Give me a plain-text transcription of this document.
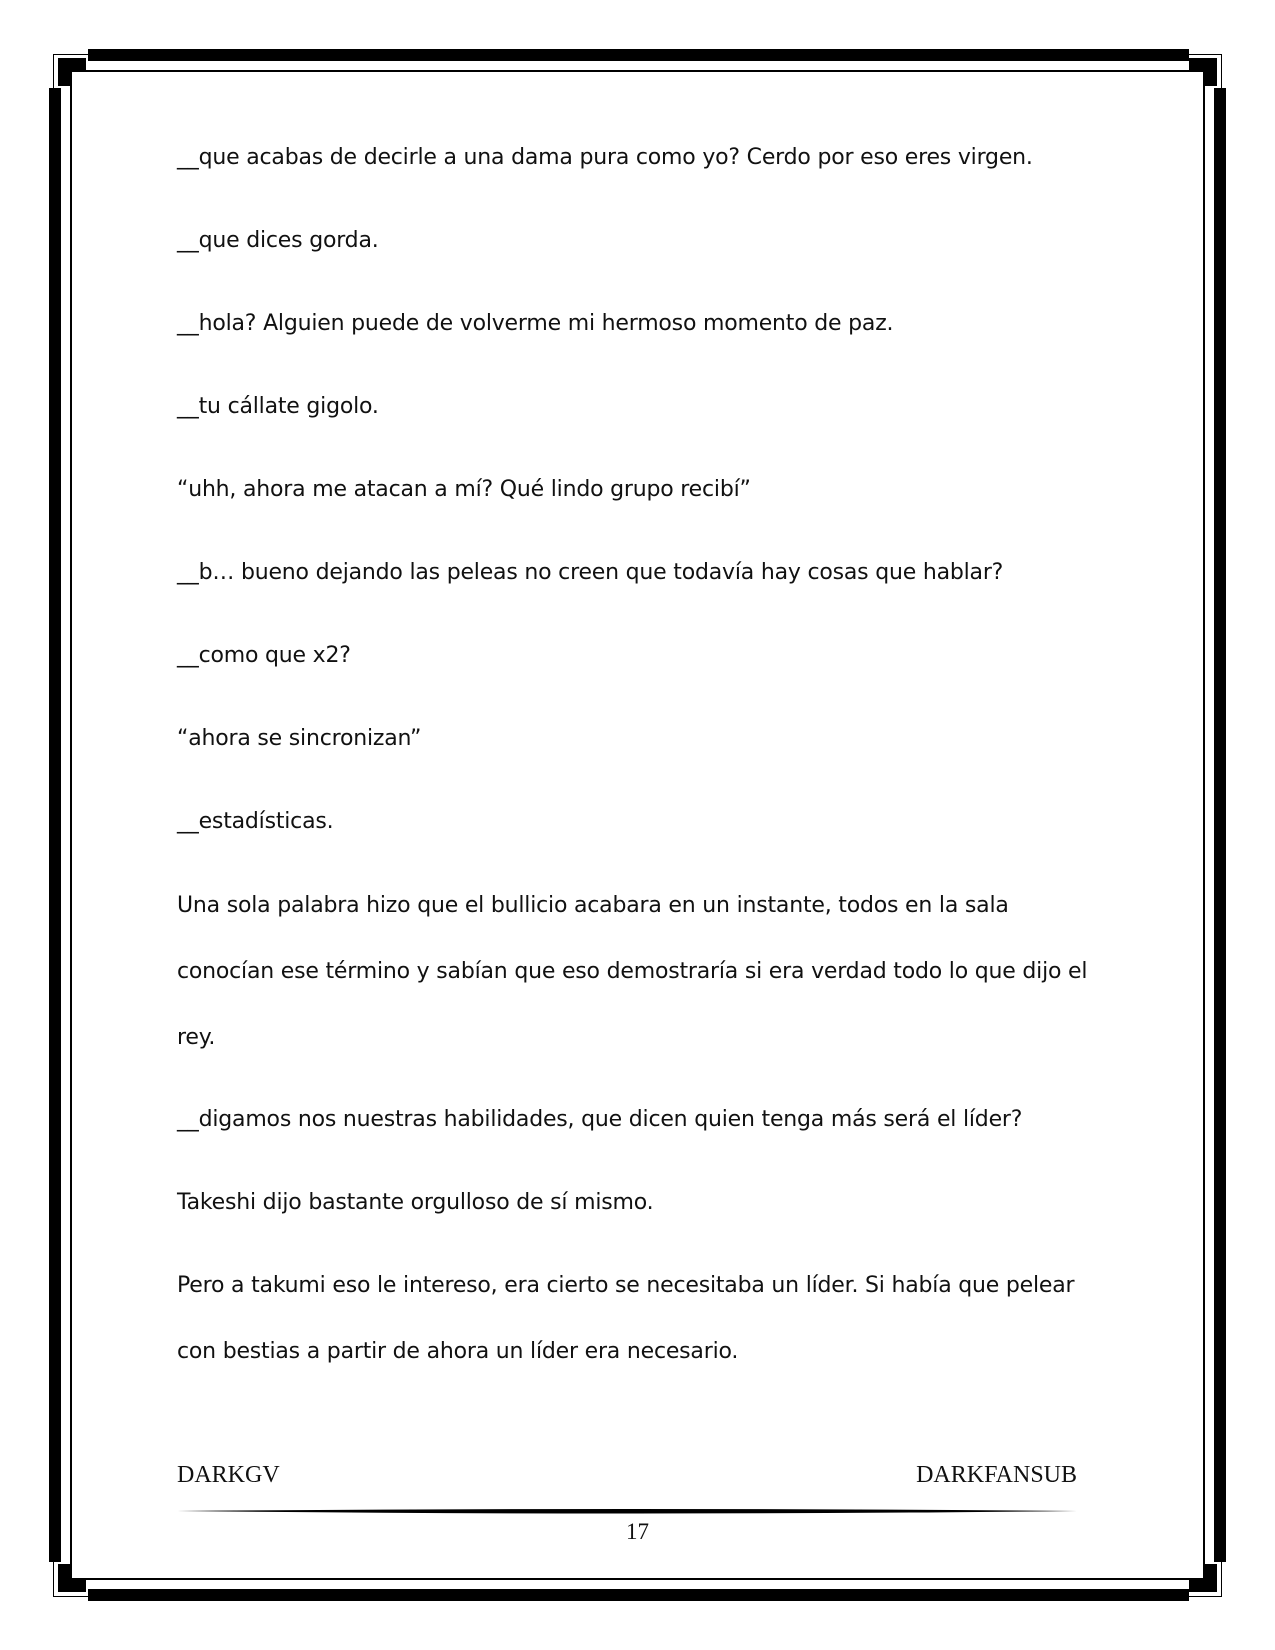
__que acabas de decirle a una dama pura como yo? Cerdo por eso eres virgen.

__que dices gorda.

__hola? Alguien puede de volverme mi hermoso momento de paz.

__tu cállate gigolo.

“uhh, ahora me atacan a mí? Qué lindo grupo recibí”

__b… bueno dejando las peleas no creen que todavía hay cosas que hablar?

__como que x2?

“ahora se sincronizan”

__estadísticas.

Una sola palabra hizo que el bullicio acabara en un instante, todos en la sala conocían ese término y sabían que eso demostraría si era verdad todo lo que dijo el rey.

__digamos nos nuestras habilidades, que dicen quien tenga más será el líder?

Takeshi dijo bastante orgulloso de sí mismo.

Pero a takumi eso le intereso, era cierto se necesitaba un líder. Si había que pelear con bestias a partir de ahora un líder era necesario.

DARKGV	DARKFANSUB
17
